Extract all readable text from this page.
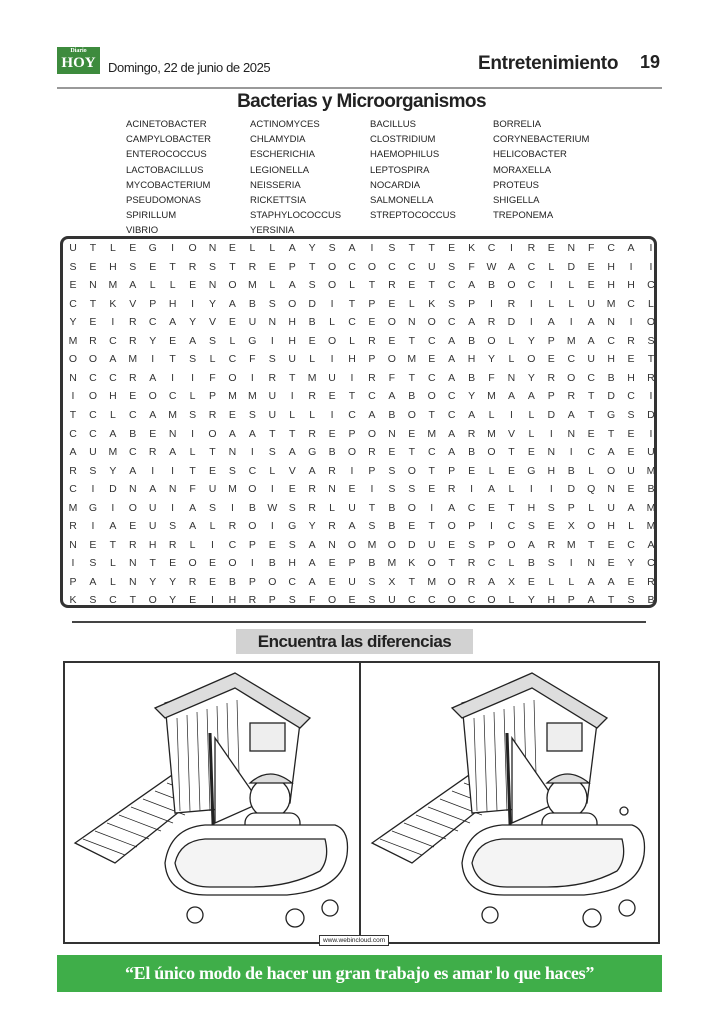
Diario
HOY Domingo, 22 de junio de 2025	Entretenimiento 19
Bacterias y Microorganismos
ACINETOBACTER
CAMPYLOBACTER
ENTEROCOCCUS
LACTOBACILLUS
MYCOBACTERIUM
PSEUDOMONAS
SPIRILLUM
VIBRIO
ACTINOMYCES
CHLAMYDIA
ESCHERICHIA
LEGIONELLA
NEISSERIA
RICKETTSIA
STAPHYLOCOCCUS
YERSINIA
BACILLUS
CLOSTRIDIUM
HAEMOPHILUS
LEPTOSPIRA
NOCARDIA
SALMONELLA
STREPTOCOCCUS
BORRELIA
CORYNEBACTERIUM
HELICOBACTER
MORAXELLA
PROTEUS
SHIGELLA
TREPONEMA
U	T	L	E	G	I	O	N	E	L	L	A	Y	S	A	I	S	T	T	E	K	C	I	R	E	N	F	C	A	I
S	E	H	S	E	T	R	S	T	R	E	P	T	O	C	O	C	C	U	S	F	W	A	C	L	D	E	H	I	I
E	N	M	A	L	L	E	N	O	M	L	A	S	O	L	T	R	E	T	C	A	B	O	C	I	L	E	H	H	C
C	T	K	V	P	H	I	Y	A	B	S	O	D	I	T	P	E	L	K	S	P	I	R	I	L	L	U	M	C	L
Y	E	I	R	C	A	Y	V	E	U	N	H	B	L	C	E	O	N	O	C	A	R	D	I	A	I	A	N	I	O
M	R	C	R	Y	E	A	S	L	G	I	H	E	O	L	R	E	T	C	A	B	O	L	Y	P	M	A	C	R	S
O	O	A	M	I	T	S	L	C	F	S	U	L	I	H	P	O	M	E	A	H	Y	L	O	E	C	U	H	E	T
N	C	C	R	A	I	I	F	O	I	R	T	M	U	I	R	F	T	C	A	B	F	N	Y	R	O	C	B	H	R
I	O	H	E	O	C	L	P	M	M	U	I	R	E	T	C	A	B	O	C	Y	M	A	A	P	R	T	D	C	I
T	C	L	C	A	M	S	R	E	S	U	L	L	I	C	A	B	O	T	C	A	L	I	L	D	A	T	G	S	D
C	C	A	B	E	N	I	O	A	A	T	T	R	E	P	O	N	E	M	A	R	M	V	L	I	N	E	T	E	I
A	U	M	C	R	A	L	T	N	I	S	A	G	B	O	R	E	T	C	A	B	O	T	E	N	I	C	A	E	U
R	S	Y	A	I	I	T	E	S	C	L	V	A	R	I	P	S	O	T	P	E	L	E	G	H	B	L	O	U	M
C	I	D	N	A	N	F	U	M	O	I	E	R	N	E	I	S	S	E	R	I	A	L	I	I	D	Q	N	E	B
M	G	I	O	U	I	A	S	I	B	W	S	R	L	U	T	B	O	I	A	C	E	T	H	S	P	L	U	A	M
R	I	A	E	U	S	A	L	R	O	I	G	Y	R	A	S	B	E	T	O	P	I	C	S	E	X	O	H	L	M
N	E	T	R	H	R	L	I	C	P	E	S	A	N	O	M	O	D	U	E	S	P	O	A	R	M	T	E	C	A
I	S	L	N	T	E	O	E	O	I	B	H	A	E	P	B	M	K	O	T	R	C	L	B	S	I	N	E	Y	C
P	A	L	N	Y	Y	R	E	B	P	O	C	A	E	U	S	X	T	M	O	R	A	X	E	L	L	A	A	E	R
K	S	C	T	O	Y	E	I	H	R	P	S	F	O	E	S	U	C	C	O	C	O	L	Y	H	P	A	T	S	B
Encuentra las diferencias
www.webincloud.com
“El único modo de hacer un gran trabajo es amar lo que haces”
